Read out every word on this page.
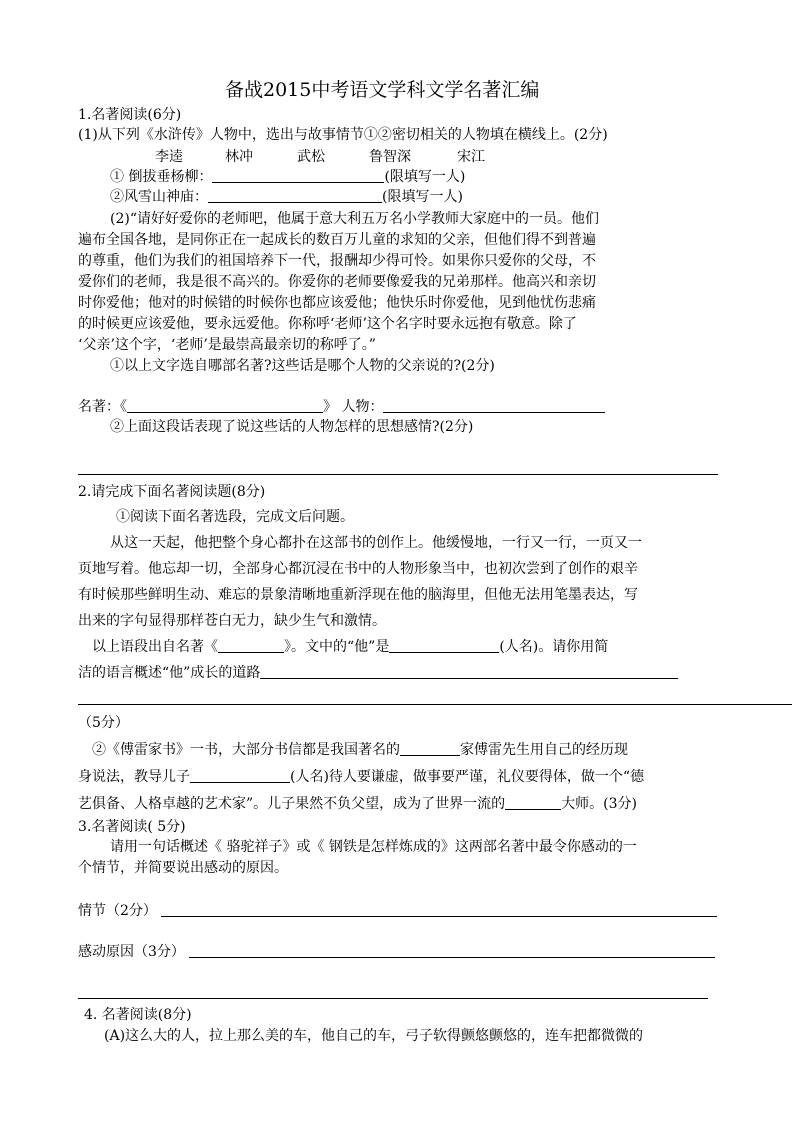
备战2015中考语文学科文学名著汇编
1.名著阅读(6分)
(1)从下列《水浒传》人物中，选出与故事情节①②密切相关的人物填在横线上。(2分)
李逵	林冲	武松	鲁智深	宋江
① 倒拔垂杨柳：	(限填写一人)
②风雪山神庙：	(限填写一人)
(2)“请好好爱你的老师吧，他属于意大利五万名小学教师大家庭中的一员。他们
遍布全国各地，是同你正在一起成长的数百万儿童的求知的父亲，但他们得不到普遍
的尊重，他们为我们的祖国培养下一代，报酬却少得可怜。如果你只爱你的父母，不
爱你们的老师，我是很不高兴的。你爱你的老师要像爱我的兄弟那样。他高兴和亲切
时你爱他；他对的时候错的时候你也都应该爱他；他快乐时你爱他，见到他忧伤悲痛
的时候更应该爱他，要永远爱他。你称呼‘老师’这个名字时要永远抱有敬意。除了
‘父亲’这个字，‘老师’是最崇高最亲切的称呼了。”
①以上文字选自哪部名著?这些话是哪个人物的父亲说的?(2分)
名著：《	》 人物：
②上面这段话表现了说这些话的人物怎样的思想感情?(2分)
2.请完成下面名著阅读题(8分)
①阅读下面名著选段，完成文后问题。
从这一天起，他把整个身心都扑在这部书的创作上。他缓慢地，一行又一行，一页又一
页地写着。他忘却一切，全部身心都沉浸在书中的人物形象当中，也初次尝到了创作的艰辛
有时候那些鲜明生动、难忘的景象清晰地重新浮现在他的脑海里，但他无法用笔墨表达，写
出来的字句显得那样苍白无力，缺少生气和激情。
以上语段出自名著《	》。文中的“他”是	(人名)。请你用简
洁的语言概述“他”成长的道路
（5分）
②《傅雷家书》一书，大部分书信都是我国著名的	家傅雷先生用自己的经历现
身说法，教导儿子	(人名)待人要谦虚，做事要严谨，礼仪要得体，做一个“德
艺俱备、人格卓越的艺术家”。儿子果然不负父望，成为了世界一流的	大师。(3分)
3.名著阅读( 5分)
请用一句话概述《 骆驼祥子》或《 钢铁是怎样炼成的》这两部名著中最令你感动的一
个情节，并简要说出感动的原因。
情节（2分）
感动原因（3分）
4. 名著阅读(8分)
(A)这么大的人，拉上那么美的车，他自己的车，弓子软得颤悠颤悠的，连车把都微微的
